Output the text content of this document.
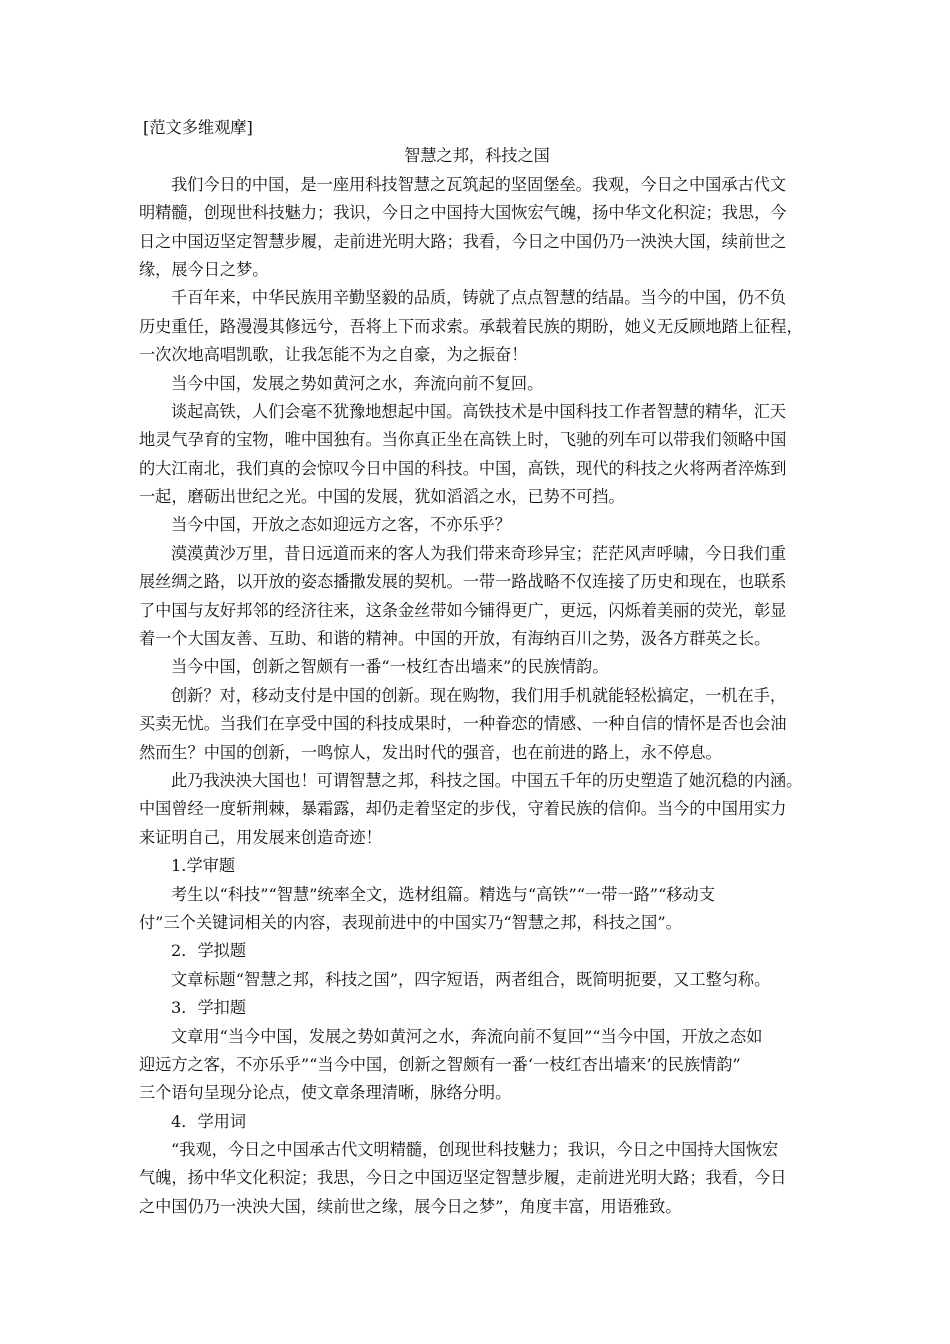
[范文多维观摩]
智慧之邦，科技之国
我们今日的中国，是一座用科技智慧之瓦筑起的坚固堡垒。我观，今日之中国承古代文
明精髓，创现世科技魅力；我识，今日之中国持大国恢宏气魄，扬中华文化积淀；我思，今
日之中国迈坚定智慧步履，走前进光明大路；我看，今日之中国仍乃一泱泱大国，续前世之
缘，展今日之梦。
千百年来，中华民族用辛勤坚毅的品质，铸就了点点智慧的结晶。当今的中国，仍不负
历史重任，路漫漫其修远兮，吾将上下而求索。承载着民族的期盼，她义无反顾地踏上征程，
一次次地高唱凯歌，让我怎能不为之自豪，为之振奋！
当今中国，发展之势如黄河之水，奔流向前不复回。
谈起高铁，人们会毫不犹豫地想起中国。高铁技术是中国科技工作者智慧的精华，汇天
地灵气孕育的宝物，唯中国独有。当你真正坐在高铁上时，飞驰的列车可以带我们领略中国
的大江南北，我们真的会惊叹今日中国的科技。中国，高铁，现代的科技之火将两者淬炼到
一起，磨砺出世纪之光。中国的发展，犹如滔滔之水，已势不可挡。
当今中国，开放之态如迎远方之客，不亦乐乎？
漠漠黄沙万里，昔日远道而来的客人为我们带来奇珍异宝；茫茫风声呼啸，今日我们重
展丝绸之路，以开放的姿态播撒发展的契机。一带一路战略不仅连接了历史和现在，也联系
了中国与友好邦邻的经济往来，这条金丝带如今铺得更广，更远，闪烁着美丽的荧光，彰显
着一个大国友善、互助、和谐的精神。中国的开放，有海纳百川之势，汲各方群英之长。
当今中国，创新之智颇有一番“一枝红杏出墙来”的民族情韵。
创新？对，移动支付是中国的创新。现在购物，我们用手机就能轻松搞定，一机在手，
买卖无忧。当我们在享受中国的科技成果时，一种眷恋的情感、一种自信的情怀是否也会油
然而生？中国的创新，一鸣惊人，发出时代的强音，也在前进的路上，永不停息。
此乃我泱泱大国也！可谓智慧之邦，科技之国。中国五千年的历史塑造了她沉稳的内涵。
中国曾经一度斩荆棘，暴霜露，却仍走着坚定的步伐，守着民族的信仰。当今的中国用实力
来证明自己，用发展来创造奇迹！
1.学审题
考生以“科技”“智慧”统率全文，选材组篇。精选与“高铁”“一带一路”“移动支
付”三个关键词相关的内容，表现前进中的中国实乃“智慧之邦，科技之国”。
2．学拟题
文章标题“智慧之邦，科技之国”，四字短语，两者组合，既简明扼要，又工整匀称。
3．学扣题
文章用“当今中国，发展之势如黄河之水，奔流向前不复回”“当今中国，开放之态如
迎远方之客，不亦乐乎”“当今中国，创新之智颇有一番‘一枝红杏出墙来’的民族情韵”
三个语句呈现分论点，使文章条理清晰，脉络分明。
4．学用词
“我观，今日之中国承古代文明精髓，创现世科技魅力；我识，今日之中国持大国恢宏
气魄，扬中华文化积淀；我思，今日之中国迈坚定智慧步履，走前进光明大路；我看，今日
之中国仍乃一泱泱大国，续前世之缘，展今日之梦”，角度丰富，用语雅致。
